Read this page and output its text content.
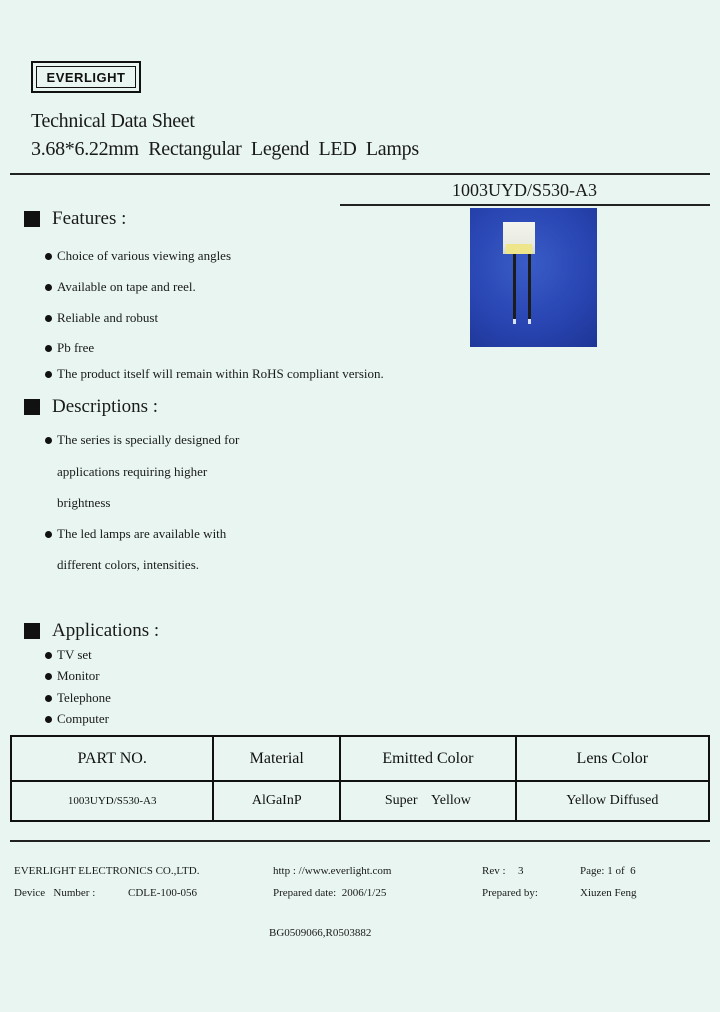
EVERLIGHT
Technical Data Sheet
3.68*6.22mm  Rectangular  Legend  LED  Lamps
1003UYD/S530-A3
Features :
Choice of various viewing angles
Available on tape and reel.
Reliable and robust
Pb free
The product itself will remain within RoHS compliant version.
Descriptions :
The series is specially designed for
applications requiring higher
brightness
The led lamps are available with
different colors, intensities.
Applications :
TV set
Monitor
Telephone
Computer
PART NO.	Material	Emitted Color	Lens Color
1003UYD/S530-A3	AlGaInP	Super    Yellow	Yellow Diffused
EVERLIGHT ELECTRONICS CO.,LTD.	http : //www.everlight.com	Rev : 3	Page: 1 of  6
Device   Number :	CDLE-100-056	Prepared date:  2006/1/25	Prepared by:	Xiuzen Feng
BG0509066,R0503882
